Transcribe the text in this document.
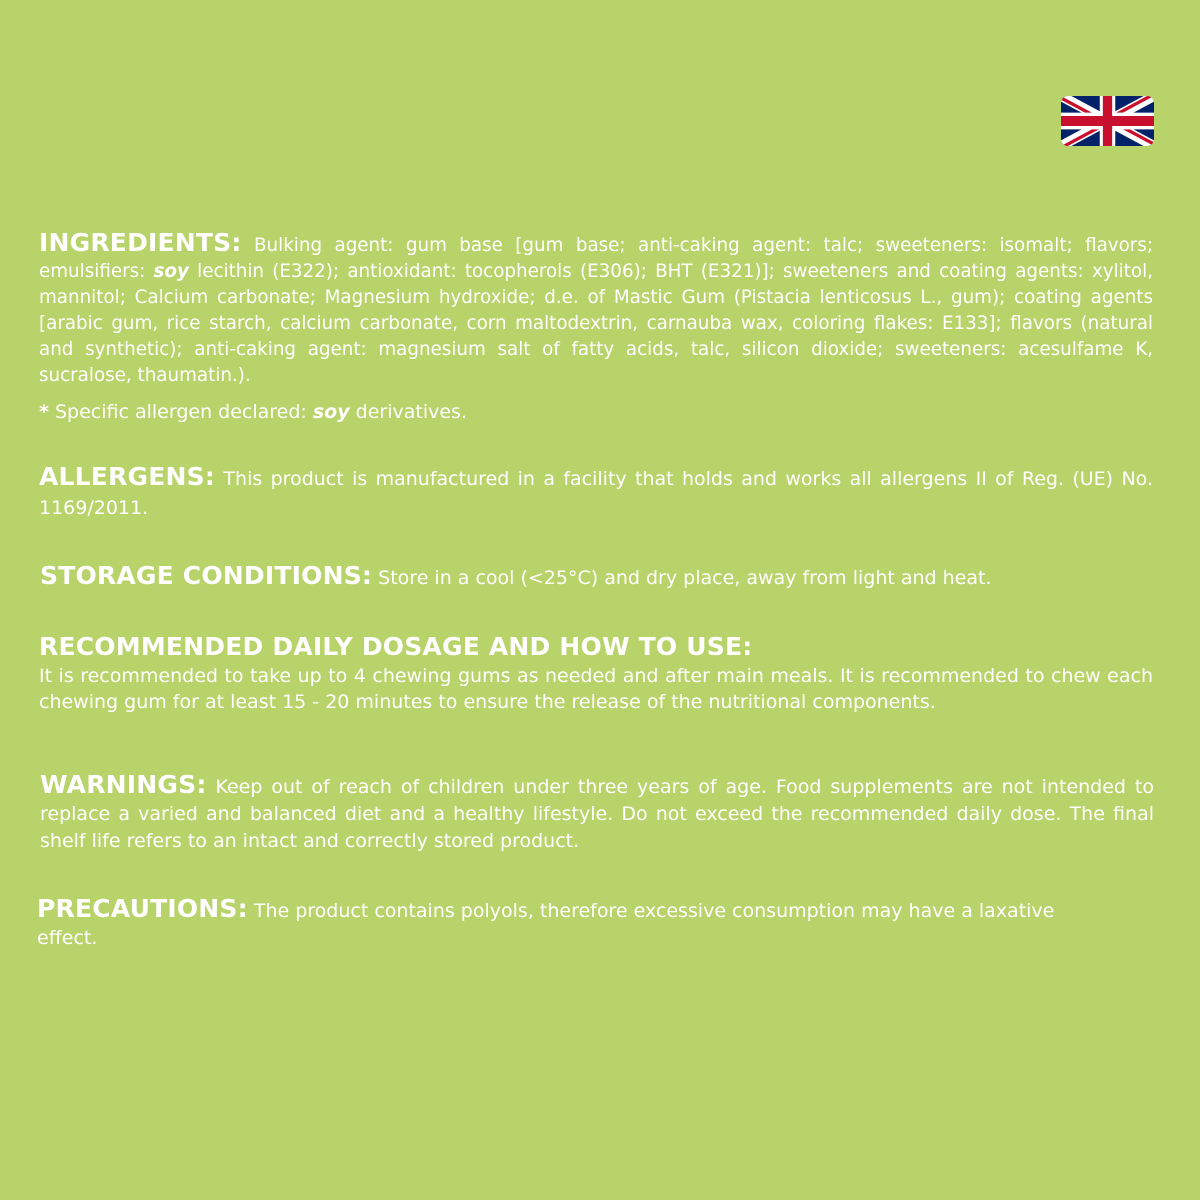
INGREDIENTS: Bulking agent: gum base [gum base; anti-caking agent: talc; sweeteners: isomalt; flavors; emulsifiers: soy lecithin (E322); antioxidant: tocopherols (E306); BHT (E321)]; sweeteners and coating agents: xylitol, mannitol; Calcium carbonate; Magnesium hydroxide; d.e. of Mastic Gum (Pistacia lenticosus L., gum); coating agents [arabic gum, rice starch, calcium carbonate, corn maltodextrin, carnauba wax, coloring flakes: E133]; flavors (natural and synthetic); anti-caking agent: magnesium salt of fatty acids, talc, silicon dioxide; sweeteners: acesulfame K, sucralose, thaumatin.).

* Specific allergen declared: soy derivatives.

ALLERGENS: This product is manufactured in a facility that holds and works all allergens II of Reg. (UE) No. 1169/2011.

STORAGE CONDITIONS: Store in a cool (<25°C) and dry place, away from light and heat.

RECOMMENDED DAILY DOSAGE AND HOW TO USE:

It is recommended to take up to 4 chewing gums as needed and after main meals. It is recommended to chew each chewing gum for at least 15 - 20 minutes to ensure the release of the nutritional components.

WARNINGS: Keep out of reach of children under three years of age. Food supplements are not intended to replace a varied and balanced diet and a healthy lifestyle. Do not exceed the recommended daily dose. The final shelf life refers to an intact and correctly stored product.

PRECAUTIONS: The product contains polyols, therefore excessive consumption may have a laxative effect.
